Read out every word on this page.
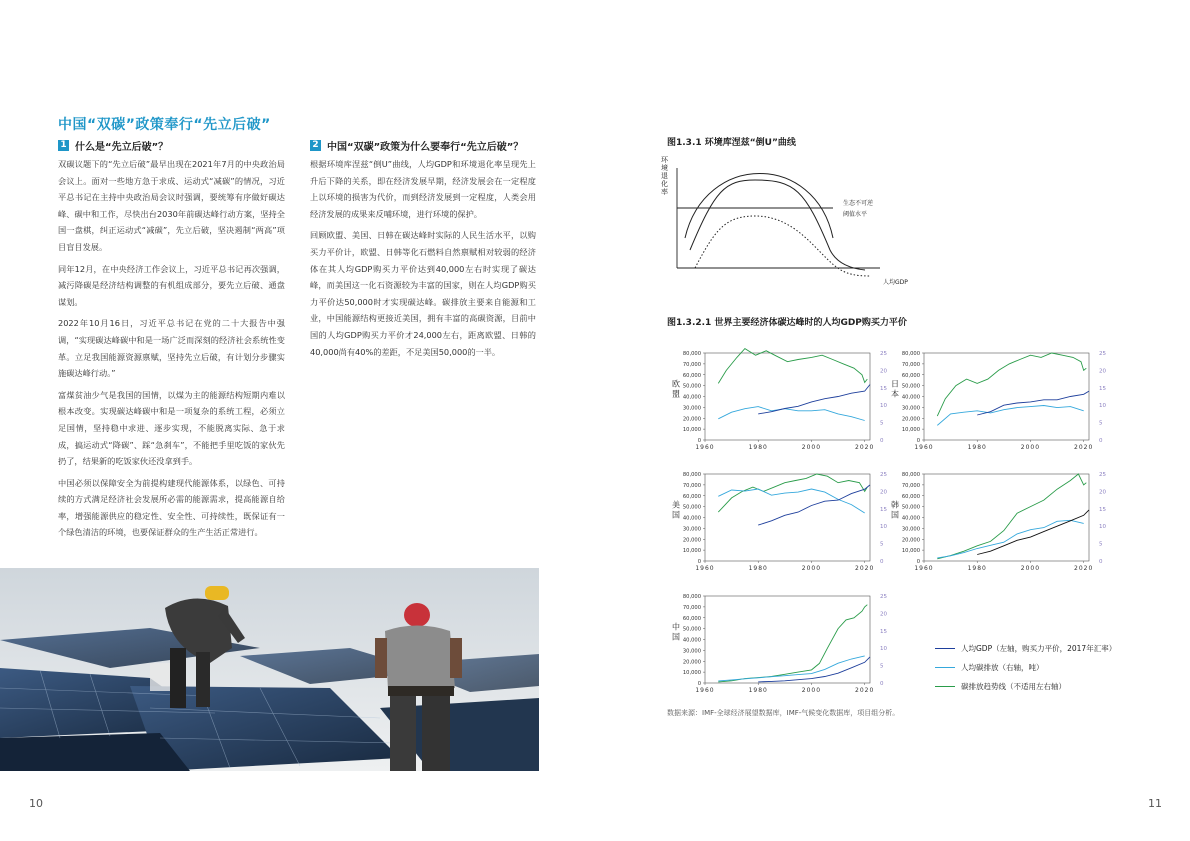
中国“双碳”政策奉行“先立后破”
1 什么是“先立后破”？

双碳议题下的“先立后破”最早出现在2021年7月的中央政治局会议上。面对一些地方急于求成、运动式“减碳”的情况，习近平总书记在主持中央政治局会议时强调，要统筹有序做好碳达峰、碳中和工作，尽快出台2030年前碳达峰行动方案，坚持全国一盘棋，纠正运动式“减碳”，先立后破，坚决遏制“两高”项目盲目发展。

同年12月，在中央经济工作会议上，习近平总书记再次强调，减污降碳是经济结构调整的有机组成部分，要先立后破、通盘谋划。

2022年10月16日，习近平总书记在党的二十大报告中强调，“实现碳达峰碳中和是一场广泛而深刻的经济社会系统性变革。立足我国能源资源禀赋，坚持先立后破，有计划分步骤实施碳达峰行动。”

富煤贫油少气是我国的国情，以煤为主的能源结构短期内难以根本改变。实现碳达峰碳中和是一项复杂的系统工程，必须立足国情，坚持稳中求进、逐步实现，不能脱离实际、急于求成，搞运动式“降碳”、踩“急刹车”，不能把手里吃饭的家伙先扔了，结果新的吃饭家伙还没拿到手。

中国必须以保障安全为前提构建现代能源体系，以绿色、可持续的方式满足经济社会发展所必需的能源需求，提高能源自给率，增强能源供应的稳定性、安全性、可持续性，既保证有一个绿色清洁的环境，也要保证群众的生产生活正常进行。

2 中国“双碳”政策为什么要奉行“先立后破”？

根据环境库涅兹“倒U”曲线，人均GDP和环境退化率呈现先上升后下降的关系，即在经济发展早期，经济发展会在一定程度上以环境的损害为代价，而到经济发展到一定程度，人类会用经济发展的成果来反哺环境，进行环境的保护。

回顾欧盟、美国、日韩在碳达峰时实际的人民生活水平，以购买力平价计，欧盟、日韩等化石燃料自然禀赋相对较弱的经济体在其人均GDP购买力平价达到40,000左右时实现了碳达峰，而美国这一化石资源较为丰富的国家，则在人均GDP购买力平价达50,000时才实现碳达峰。碳排放主要来自能源和工业，中国能源结构更接近美国，拥有丰富的高碳资源，目前中国的人均GDP购买力平价才24,000左右，距离欧盟、日韩的40,000尚有40%的差距，不足美国50,000的一半。

10
图1.3.1 环境库涅兹“倒U”曲线
环境退化率
生态不可逆
阈值水平
人均GDP
图1.3.2.1 世界主要经济体碳达峰时的人均GDP购买力平价
0
10,000
20,000
30,000
40,000
50,000
60,000
70,000
80,000
0
5
10
15
20
25
1960	1980	2000	2020
欧盟
0
10,000
20,000
30,000
40,000
50,000
60,000
70,000
80,000
0
5
10
15
20
25
1960	1980	2000	2020
日本
0
10,000
20,000
30,000
40,000
50,000
60,000
70,000
80,000
0
5
10
15
20
25
1960	1980	2000	2020
美国
0
10,000
20,000
30,000
40,000
50,000
60,000
70,000
80,000
0
5
10
15
20
25
1960	1980	2000	2020
韩国
0
10,000
20,000
30,000
40,000
50,000
60,000
70,000
80,000
0
5
10
15
20
25
1960	1980	2000	2020
中国
人均GDP（左轴，购买力平价，2017年汇率）
人均碳排放（右轴，吨）
碳排放趋势线（不适用左右轴）
数据来源：IMF-全球经济展望数据库，IMF-气候变化数据库，项目组分析。
11
